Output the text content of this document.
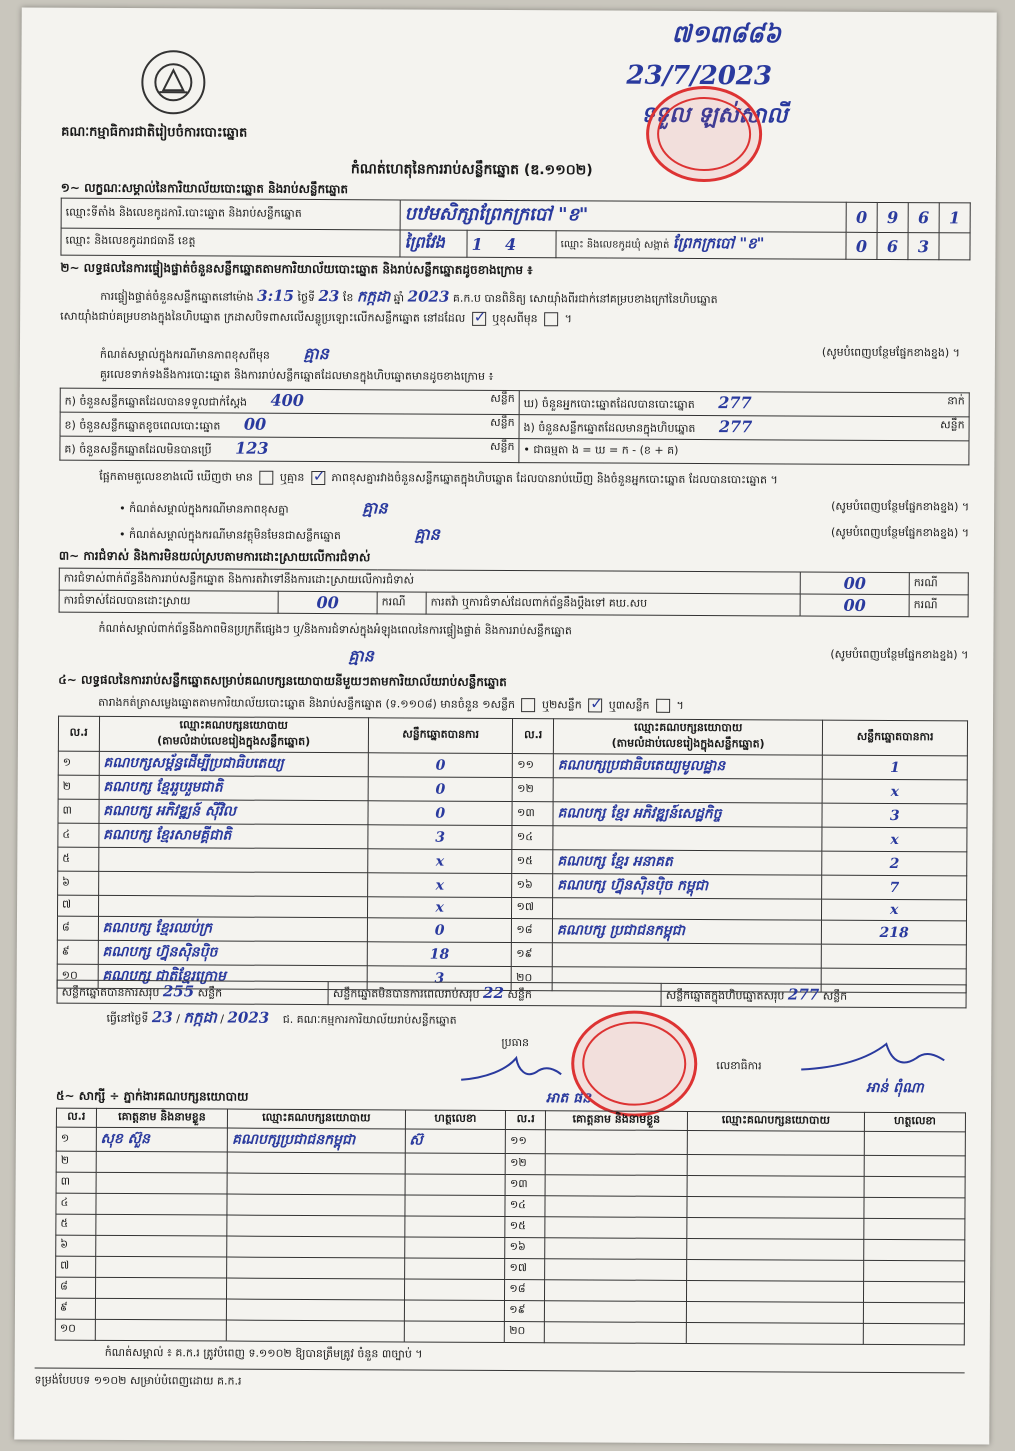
គណៈកម្មាធិការជាតិរៀបចំការបោះឆ្នោត
៧១៣៨៨៦
23/7/2023
ទទួល ឡស់សាលី
កំណត់ហេតុនៃការរាប់សន្លឹកឆ្នោត (ឌ.១១០២)
១~ លក្ខណៈសម្គាល់នៃការិយាល័យបោះឆ្នោត និងរាប់សន្លឹកឆ្នោត
ឈ្មោះទីតាំង និងលេខកូដការិ.បោះឆ្នោត និងរាប់សន្លឹកឆ្នោត	បឋមសិក្សាព្រែកក្របៅ "ខ"			0	9	6	1
ឈ្មោះ និងលេខកូដរាជធានី ខេត្ត	ព្រៃវែង	1 4	ឈ្មោះ និងលេខកូដឃុំ សង្កាត់ ព្រែកក្របៅ "ខ"	0	6	3	
២~ លទ្ធផលនៃការផ្ទៀងផ្ទាត់ចំនួនសន្លឹកឆ្នោតតាមការិយាល័យបោះឆ្នោត និងរាប់សន្លឹកឆ្នោតដូចខាងក្រោម ៖
ការផ្ទៀងផ្ទាត់ចំនួនសន្លឹកឆ្នោតនៅម៉ោង 3:15 ថ្ងៃទី 23 ខែ កក្កដា ឆ្នាំ 2023 គ.ក.ប បានពិនិត្យ សោយ៉ាំងពីរជាក់នៅគម្របខាងក្រៅនៃហិបឆ្នោត
សោយ៉ាំងជាប់គម្របខាងក្នុងនៃហិបឆ្នោត ក្រដាសបិទពាសលើសន្លូប្រឡោះលើកសន្លឹកឆ្នោត នៅដដែល ✓ ឬខុសពីមុន  ។
កំណត់សម្គាល់ក្នុងករណីមានភាពខុសពីមុន គ្មាន	(សូមបំពេញបន្ថែមផ្នែកខាងខ្នង) ។
គួរលេខទាក់ទងនឹងការបោះឆ្នោត និងការរាប់សន្លឹកឆ្នោតដែលមានក្នុងហិបឆ្នោតមានដូចខាងក្រោម ៖
ក) ចំនួនសន្លឹកឆ្នោតដែលបានទទួលជាក់ស្តែង 400 សន្លឹក	ឃ) ចំនួនអ្នកបោះឆ្នោតដែលបានបោះឆ្នោត 277 នាក់

ខ) ចំនួនសន្លឹកឆ្នោតខូចពេលបោះឆ្នោត 00 សន្លឹក	ង) ចំនួនសន្លឹកឆ្នោតដែលមានក្នុងហិបឆ្នោត 277 សន្លឹក

គ) ចំនួនសន្លឹកឆ្នោតដែលមិនបានប្រើ 123 សន្លឹក	• ជាធម្មតា ង = ឃ = ក - (ខ + គ)
ផ្អែកតាមតួលេខខាងលើ ឃើញថា មាន ឬគ្មាន ✓ ភាពខុសគ្នារវាងចំនួនសន្លឹកឆ្នោតក្នុងហិបឆ្នោត ដែលបានរាប់ឃើញ និងចំនួនអ្នកបោះឆ្នោត ដែលបានបោះឆ្នោត ។
• កំណត់សម្គាល់ក្នុងករណីមានភាពខុសគ្នា	គ្មាន	(សូមបំពេញបន្ថែមផ្នែកខាងខ្នង) ។
• កំណត់សម្គាល់ក្នុងករណីមានវត្ថុមិនមែនជាសន្លឹកឆ្នោត	គ្មាន	(សូមបំពេញបន្ថែមផ្នែកខាងខ្នង) ។
៣~ ការជំទាស់ និងការមិនយល់ស្របតាមការដោះស្រាយលើការជំទាស់
ការជំទាស់ពាក់ព័ន្ធនឹងការរាប់សន្លឹកឆ្នោត និងការតវ៉ាទៅនឹងការដោះស្រាយលើការជំទាស់				00	ករណី
ការជំទាស់ដែលបានដោះស្រាយ	00	ករណី	ការតវ៉ា ឬការជំទាស់ដែលពាក់ព័ន្ធនឹងប្តឹងទៅ គឃ.សប	00	ករណី
កំណត់សម្គាល់ពាក់ព័ន្ធនឹងភាពមិនប្រក្រតីផ្សេងៗ ឬ/និងការជំទាស់ក្នុងអំឡុងពេលនៃការផ្ទៀងផ្ទាត់ និងការរាប់សន្លឹកឆ្នោត
គ្មាន	(សូមបំពេញបន្ថែមផ្នែកខាងខ្នង) ។
៤~ លទ្ធផលនៃការរាប់សន្លឹកឆ្នោតសម្រាប់គណបក្សនយោបាយនីមួយៗតាមការិយាល័យរាប់សន្លឹកឆ្នោត
តារាងកត់ត្រាសម្លេងឆ្នោតតាមការិយាល័យបោះឆ្នោត និងរាប់សន្លឹកឆ្នោត (ទ.១១០៨) មានចំនួន ១សន្លឹក ឬ២សន្លឹក ✓ ឬ៣សន្លឹក  ។
ល.រ	ឈ្មោះគណបក្សនយោបាយ
(តាមលំដាប់លេខរៀងក្នុងសន្លឹកឆ្នោត)	សន្លឹកឆ្នោតបានការ	ល.រ	ឈ្មោះគណបក្សនយោបាយ
(តាមលំដាប់លេខរៀងក្នុងសន្លឹកឆ្នោត)	សន្លឹកឆ្នោតបានការ
១	គណបក្សសម្ព័ន្ធដើម្បីប្រជាធិបតេយ្យ	0	១១	គណបក្សប្រជាធិបតេយ្យមូលដ្ឋាន	1
២	គណបក្ស ខ្មែររួបរួមជាតិ	0	១២		x
៣	គណបក្ស អភិវឌ្ឍន៍ ស៊ីវិល	0	១៣	គណបក្ស ខ្មែរ អភិវឌ្ឍន៍សេដ្ឋកិច្ច	3
៤	គណបក្ស ខ្មែរសាមគ្គីជាតិ	3	១៤		x
៥		x	១៥	គណបក្ស ខ្មែរ អនាគត	2
៦		x	១៦	គណបក្ស ហ្វ៊ុនស៊ិនប៉ិច កម្ពុជា	7
៧		x	១៧		x
៨	គណបក្ស ខ្មែរឈប់ក្រ	0	១៨	គណបក្ស ប្រជាជនកម្ពុជា	218
៩	គណបក្ស ហ្វ៊ុនស៊ិនប៉ិច	18	១៩		
១០	គណបក្ស ជាតិខ្មែរក្រោម	3	២០		
សន្លឹកឆ្នោតបានការសរុប 255 សន្លឹក	សន្លឹកឆ្នោតមិនបានការពេលរាប់សរុប 22 សន្លឹក	សន្លឹកឆ្នោតក្នុងហិបឆ្នោតសរុប 277 សន្លឹក
ធ្វើនៅថ្ងៃទី 23 / កក្កដា / 2023 ជ. គណៈកម្មការការិយាល័យរាប់សន្លឹកឆ្នោត
ប្រធាន
អាត ផន
លេខាធិការ
អាន់ ពុំណា
៥~ សាក្សី ÷ ភ្នាក់ងារគណបក្សនយោបាយ
ល.រ	គោត្តនាម និងនាមខ្លួន	ឈ្មោះគណបក្សនយោបាយ	ហត្ថលេខា	ល.រ	គោត្តនាម និងនាមខ្លួន	ឈ្មោះគណបក្សនយោបាយ	ហត្ថលេខា
១	សុខ ស៊ួន	គណបក្សប្រជាជនកម្ពុជា	ស៊	១១			
២				១២			
៣				១៣			
៤				១៤			
៥				១៥			
៦				១៦			
៧				១៧			
៨				១៨			
៩				១៩			
១០				២០			
កំណត់សម្គាល់ ៖ គ.ក.រ ត្រូវបំពេញ ទ.១១០២ ឱ្យបានត្រឹមត្រូវ ចំនួន ៣ច្បាប់ ។
ទម្រង់បែបបទ ១១០២ សម្រាប់បំពេញដោយ គ.ក.រ
